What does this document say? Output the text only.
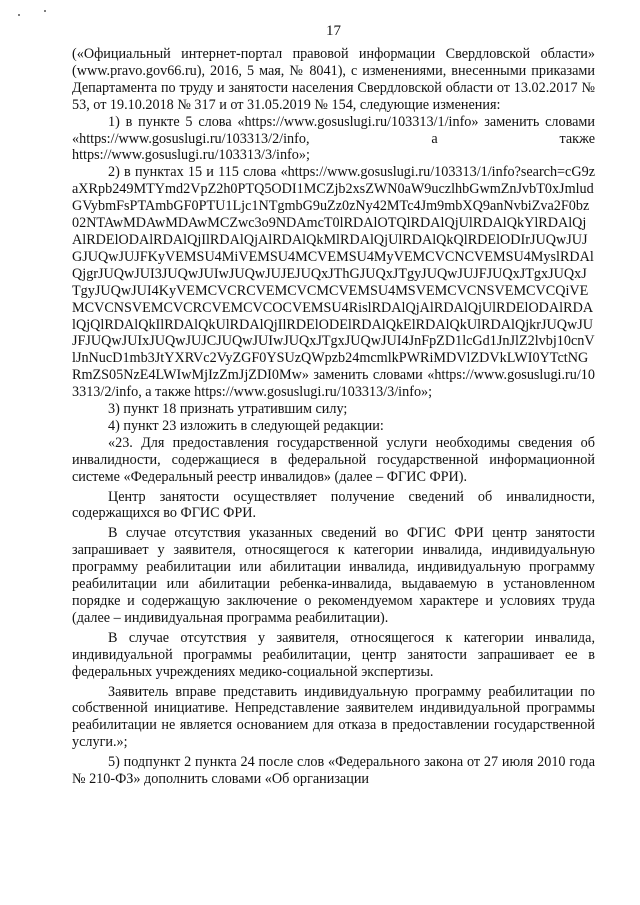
17

(«Официальный интернет-портал правовой информации Свердловской области» (www.pravo.gov66.ru), 2016, 5 мая, № 8041), с изменениями, внесенными приказами Департамента по труду и занятости населения Свердловской области от 13.02.2017 № 53, от 19.10.2018 № 317 и от 31.05.2019 № 154, следующие изменения:

1) в пункте 5 слова «https://www.gosuslugi.ru/103313/1/info» заменить словами «https://www.gosuslugi.ru/103313/2/info, а также https://www.gosuslugi.ru/103313/3/info»;

2) в пунктах 15 и 115 слова «https://www.gosuslugi.ru/103313/1/info?search=cG9zaXRpb249MTYmd2VpZ2h0PTQ5ODI1MCZjb2xsZWN0aW9uczlhbGwmZnJvbT0xJmludGVybmFsPTAmbGF0PTU1Ljc1NTgmbG9uZz0zNy42MTc4Jm9mbXQ9anNvbiZva2F0bz02NTAwMDAwMDAwMCZwc3o9NDAmcT0lRDAlOTQlRDAlQjUlRDAlQkYlRDAlQjAlRDElODAlRDAlQjIlRDAlQjAlRDAlQkMlRDAlQjUlRDAlQkQlRDElODIrJUQwJUJGJUQwJUJFKyVEMSU4MiVEMSU4MCVEMSU4MyVEMCVCNCVEMSU4MyslRDAlQjgrJUQwJUI3JUQwJUIwJUQwJUJEJUQxJThGJUQxJTgyJUQwJUJFJUQxJTgxJUQxJTgyJUQwJUI4KyVEMCVCRCVEMCVCMCVEMSU4MSVEMCVCNSVEMCVCQiVEMCVCNSVEMCVCRCVEMCVCOCVEMSU4RislRDAlQjAlRDAlQjUlRDElODAlRDAlQjQlRDAlQkIlRDAlQkUlRDAlQjIlRDElODElRDAlQkElRDAlQkUlRDAlQjkrJUQwJUJFJUQwJUIxJUQwJUJCJUQwJUIwJUQxJTgxJUQwJUI4JnFpZD1lcGd1JnJlZ2lvbj10cnVlJnNucD1mb3JtYXRVc2VyZGF0YSUzQWpzb24mcmlkPWRiMDVlZDVkLWI0YTctNGRmZS05NzE4LWIwMjIzZmJjZDI0Mw» заменить словами «https://www.gosuslugi.ru/103313/2/info, а также https://www.gosuslugi.ru/103313/3/info»;

3) пункт 18 признать утратившим силу;

4) пункт 23 изложить в следующей редакции:

«23. Для предоставления государственной услуги необходимы сведения об инвалидности, содержащиеся в федеральной государственной информационной системе «Федеральный реестр инвалидов» (далее – ФГИС ФРИ).

Центр занятости осуществляет получение сведений об инвалидности, содержащихся во ФГИС ФРИ.

В случае отсутствия указанных сведений во ФГИС ФРИ центр занятости запрашивает у заявителя, относящегося к категории инвалида, индивидуальную программу реабилитации или абилитации инвалида, индивидуальную программу реабилитации или абилитации ребенка-инвалида, выдаваемую в установленном порядке и содержащую заключение о рекомендуемом характере и условиях труда (далее – индивидуальная программа реабилитации).

В случае отсутствия у заявителя, относящегося к категории инвалида, индивидуальной программы реабилитации, центр занятости запрашивает ее в федеральных учреждениях медико-социальной экспертизы.

Заявитель вправе представить индивидуальную программу реабилитации по собственной инициативе. Непредставление заявителем индивидуальной программы реабилитации не является основанием для отказа в предоставлении государственной услуги.»;

5) подпункт 2 пункта 24 после слов «Федерального закона от 27 июля 2010 года № 210-ФЗ» дополнить словами «Об организации
